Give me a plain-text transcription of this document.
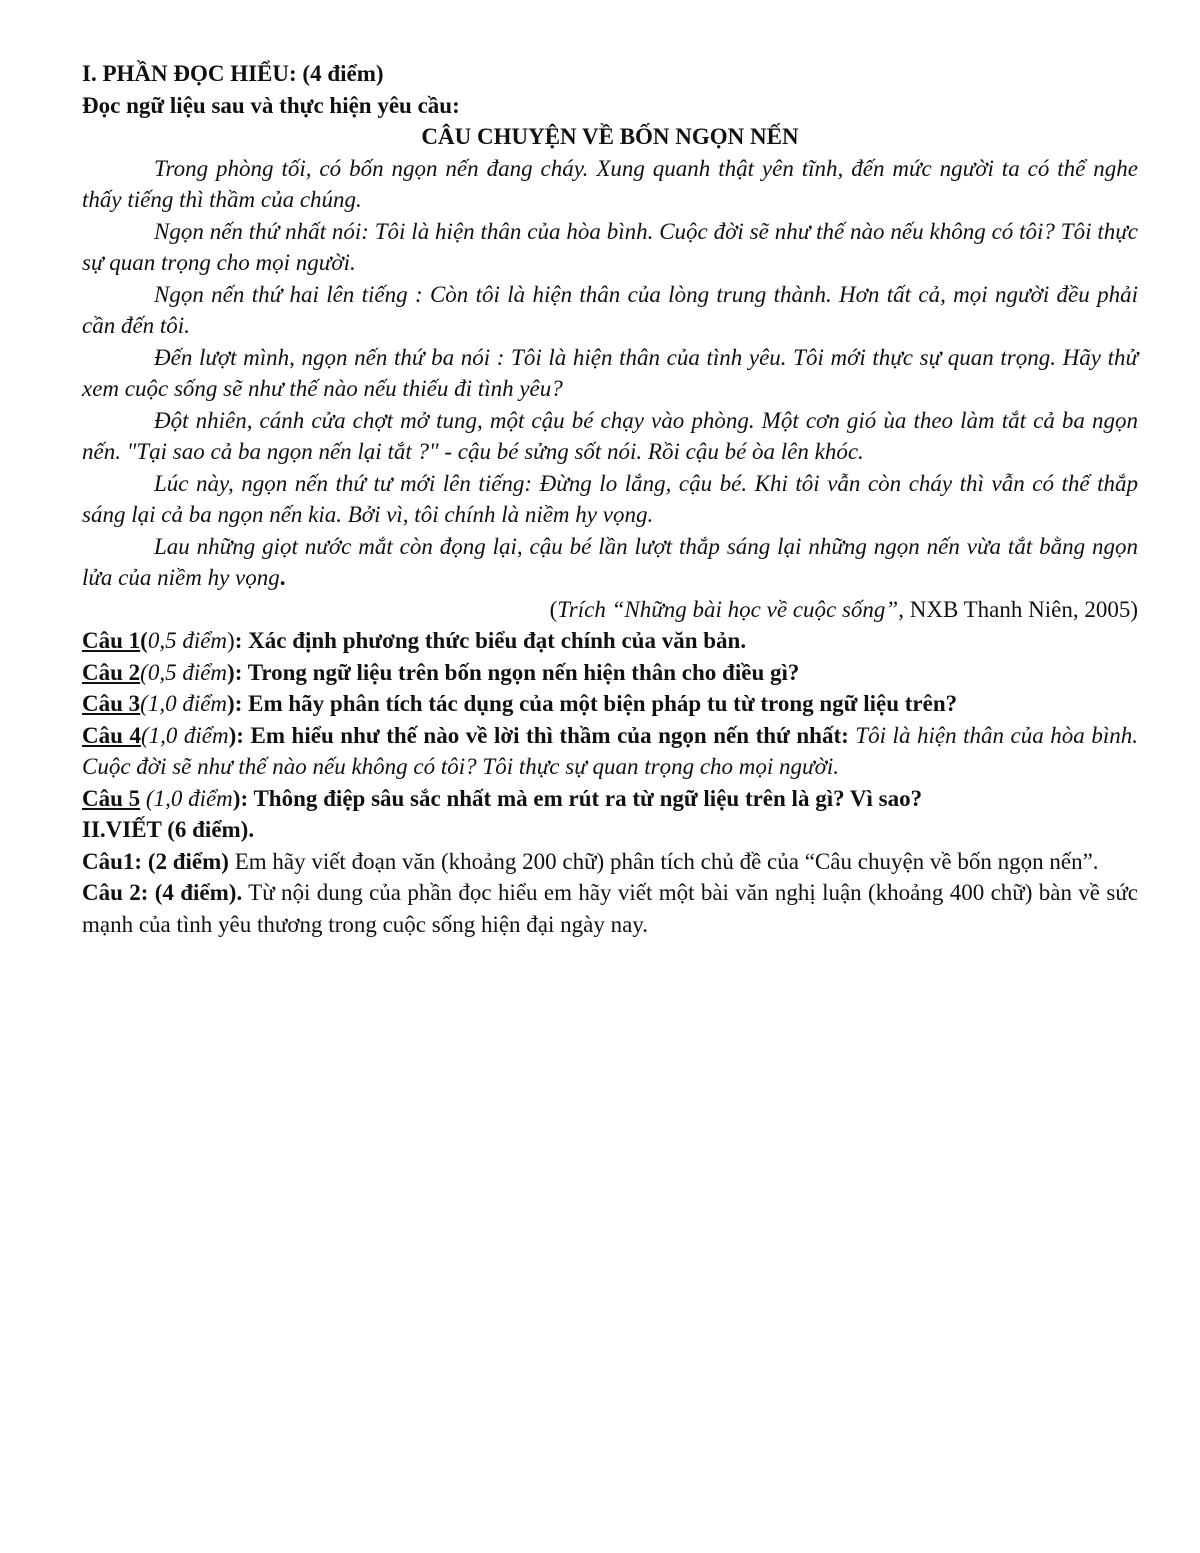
I. PHẦN ĐỌC HIỂU: (4 điểm)

Đọc ngữ liệu sau và thực hiện yêu cầu:

CÂU CHUYỆN VỀ BỐN NGỌN NẾN

Trong phòng tối, có bốn ngọn nến đang cháy. Xung quanh thật yên tĩnh, đến mức người ta có thể nghe thấy tiếng thì thầm của chúng.

Ngọn nến thứ nhất nói: Tôi là hiện thân của hòa bình. Cuộc đời sẽ như thế nào nếu không có tôi? Tôi thực sự quan trọng cho mọi người.

Ngọn nến thứ hai lên tiếng : Còn tôi là hiện thân của lòng trung thành. Hơn tất cả, mọi người đều phải cần đến tôi.

Đến lượt mình, ngọn nến thứ ba nói : Tôi là hiện thân của tình yêu. Tôi mới thực sự quan trọng. Hãy thử xem cuộc sống sẽ như thế nào nếu thiếu đi tình yêu?

Đột nhiên, cánh cửa chợt mở tung, một cậu bé chạy vào phòng. Một cơn gió ùa theo làm tắt cả ba ngọn nến. "Tại sao cả ba ngọn nến lại tắt ?" - cậu bé sửng sốt nói. Rồi cậu bé òa lên khóc.

Lúc này, ngọn nến thứ tư mới lên tiếng: Đừng lo lắng, cậu bé. Khi tôi vẫn còn cháy thì vẫn có thể thắp sáng lại cả ba ngọn nến kia. Bởi vì, tôi chính là niềm hy vọng.

Lau những giọt nước mắt còn đọng lại, cậu bé lần lượt thắp sáng lại những ngọn nến vừa tắt bằng ngọn lửa của niềm hy vọng.

(Trích “Những bài học về cuộc sống”, NXB Thanh Niên, 2005)

Câu 1(0,5 điểm): Xác định phương thức biểu đạt chính của văn bản.

Câu 2(0,5 điểm): Trong ngữ liệu trên bốn ngọn nến hiện thân cho điều gì?

Câu 3(1,0 điểm): Em hãy phân tích tác dụng của một biện pháp tu từ trong ngữ liệu trên?

Câu 4(1,0 điểm): Em hiểu như thế nào về lời thì thầm của ngọn nến thứ nhất: Tôi là hiện thân của hòa bình. Cuộc đời sẽ như thế nào nếu không có tôi? Tôi thực sự quan trọng cho mọi người.

Câu 5 (1,0 điểm): Thông điệp sâu sắc nhất mà em rút ra từ ngữ liệu trên là gì? Vì sao?

II.VIẾT (6 điểm).

Câu1: (2 điểm) Em hãy viết đoạn văn (khoảng 200 chữ) phân tích chủ đề của “Câu chuyện về bốn ngọn nến”.

Câu 2: (4 điểm). Từ nội dung của phần đọc hiểu em hãy viết một bài văn nghị luận (khoảng 400 chữ) bàn về sức mạnh của tình yêu thương trong cuộc sống hiện đại ngày nay.
